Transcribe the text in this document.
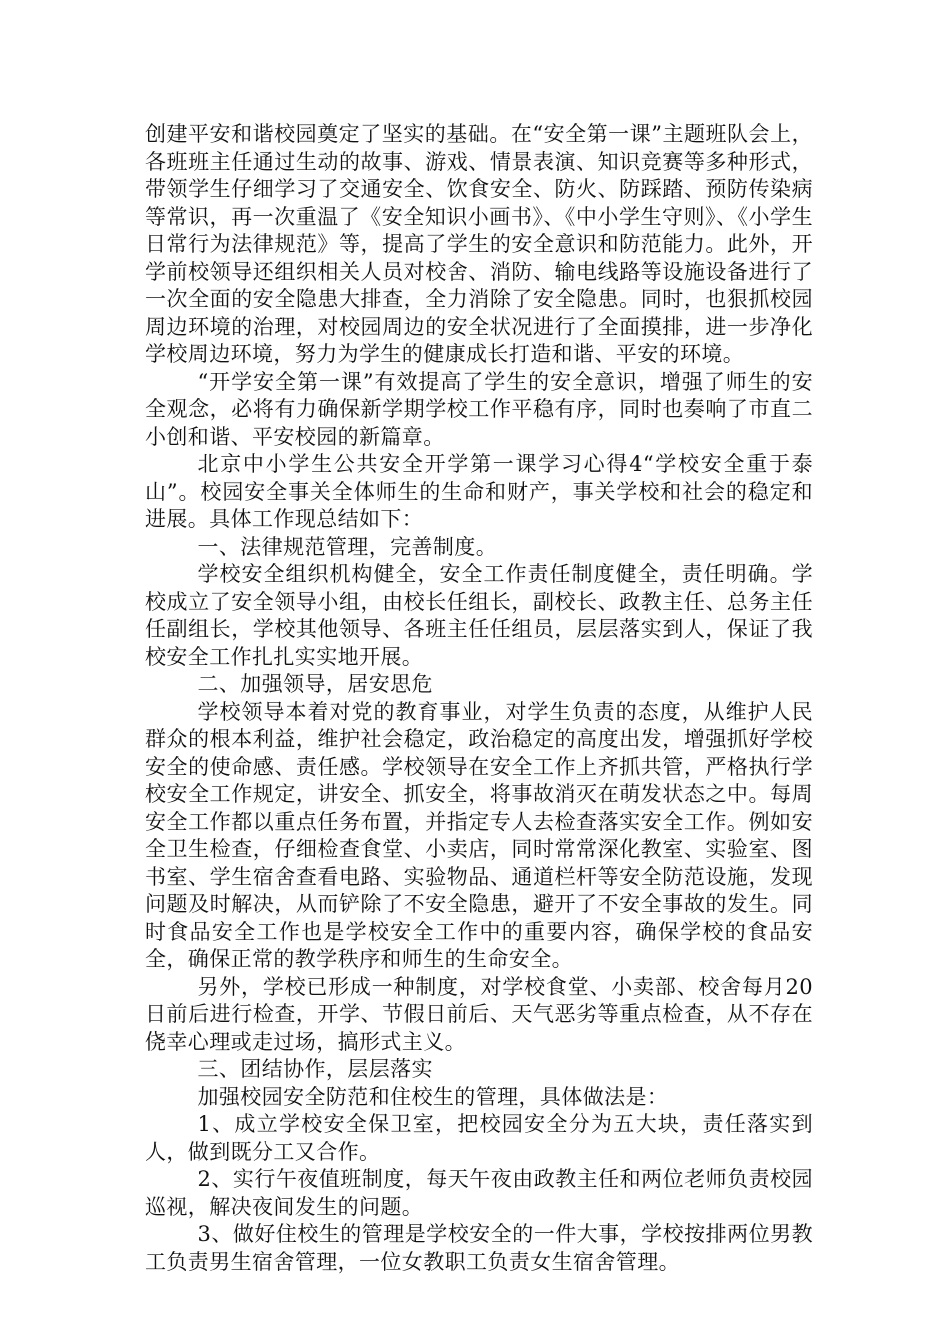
创建平安和谐校园奠定了坚实的基础。在“安全第一课”主题班队会上，各班班主任通过生动的故事、游戏、情景表演、知识竞赛等多种形式，带领学生仔细学习了交通安全、饮食安全、防火、防踩踏、预防传染病等常识，再一次重温了《安全知识小画书》、《中小学生守则》、《小学生日常行为法律规范》等，提高了学生的安全意识和防范能力。此外，开学前校领导还组织相关人员对校舍、消防、输电线路等设施设备进行了一次全面的安全隐患大排查，全力消除了安全隐患。同时，也狠抓校园周边环境的治理，对校园周边的安全状况进行了全面摸排，进一步净化学校周边环境，努力为学生的健康成长打造和谐、平安的环境。

“开学安全第一课”有效提高了学生的安全意识，增强了师生的安全观念，必将有力确保新学期学校工作平稳有序，同时也奏响了市直二小创和谐、平安校园的新篇章。

北京中小学生公共安全开学第一课学习心得4“学校安全重于泰山”。校园安全事关全体师生的生命和财产，事关学校和社会的稳定和进展。具体工作现总结如下：

一、法律规范管理，完善制度。

学校安全组织机构健全，安全工作责任制度健全，责任明确。学校成立了安全领导小组，由校长任组长，副校长、政教主任、总务主任任副组长，学校其他领导、各班主任任组员，层层落实到人，保证了我校安全工作扎扎实实地开展。

二、加强领导，居安思危

学校领导本着对党的教育事业，对学生负责的态度，从维护人民群众的根本利益，维护社会稳定，政治稳定的高度出发，增强抓好学校安全的使命感、责任感。学校领导在安全工作上齐抓共管，严格执行学校安全工作规定，讲安全、抓安全，将事故消灭在萌发状态之中。每周安全工作都以重点任务布置，并指定专人去检查落实安全工作。例如安全卫生检查，仔细检查食堂、小卖店，同时常常深化教室、实验室、图书室、学生宿舍查看电路、实验物品、通道栏杆等安全防范设施，发现问题及时解决，从而铲除了不安全隐患，避开了不安全事故的发生。同时食品安全工作也是学校安全工作中的重要内容，确保学校的食品安全，确保正常的教学秩序和师生的生命安全。

另外，学校已形成一种制度，对学校食堂、小卖部、校舍每月20日前后进行检查，开学、节假日前后、天气恶劣等重点检查，从不存在侥幸心理或走过场，搞形式主义。

三、团结协作，层层落实

加强校园安全防范和住校生的管理，具体做法是：

1、成立学校安全保卫室，把校园安全分为五大块，责任落实到人，做到既分工又合作。

2、实行午夜值班制度，每天午夜由政教主任和两位老师负责校园巡视，解决夜间发生的问题。

3、做好住校生的管理是学校安全的一件大事，学校按排两位男教工负责男生宿舍管理，一位女教职工负责女生宿舍管理。
